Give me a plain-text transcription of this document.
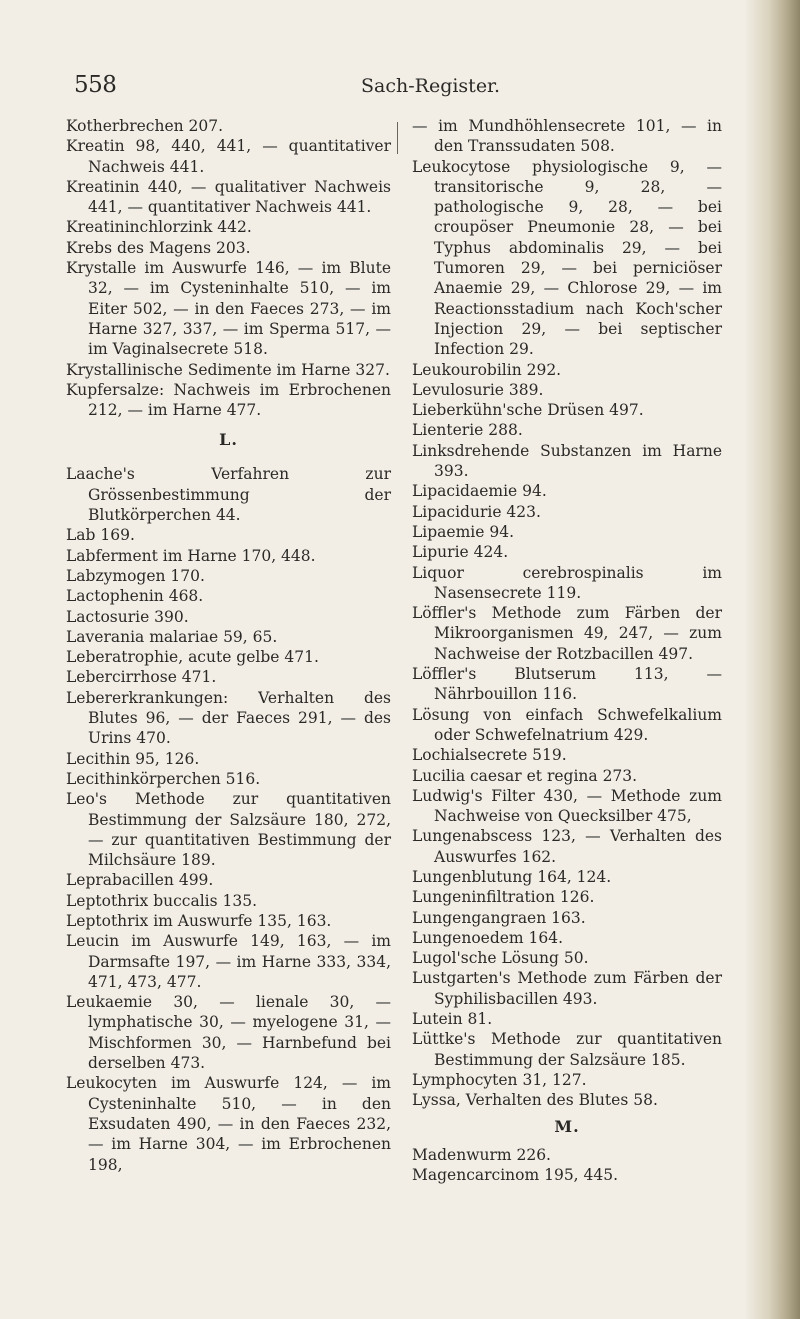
558	Sach-Register.
Kotherbrechen 207.
Kreatin 98, 440, 441, — quantitativer Nachweis 441.
Kreatinin 440, — qualitativer Nachweis 441, — quantitativer Nachweis 441.
Kreatininchlorzink 442.
Krebs des Magens 203.
Krystalle im Auswurfe 146, — im Blute 32, — im Cysteninhalte 510, — im Eiter 502, — in den Faeces 273, — im Harne 327, 337, — im Sperma 517, — im Vaginalsecrete 518.
Krystallinische Sedimente im Harne 327.
Kupfersalze: Nachweis im Erbrochenen 212, — im Harne 477.
L.
Laache's Verfahren zur Grössenbestimmung der Blutkörperchen 44.
Lab 169.
Labferment im Harne 170, 448.
Labzymogen 170.
Lactophenin 468.
Lactosurie 390.
Laverania malariae 59, 65.
Leberatrophie, acute gelbe 471.
Lebercirrhose 471.
Lebererkrankungen: Verhalten des Blutes 96, — der Faeces 291, — des Urins 470.
Lecithin 95, 126.
Lecithinkörperchen 516.
Leo's Methode zur quantitativen Bestimmung der Salzsäure 180, 272, — zur quantitativen Bestimmung der Milchsäure 189.
Leprabacillen 499.
Leptothrix buccalis 135.
Leptothrix im Auswurfe 135, 163.
Leucin im Auswurfe 149, 163, — im Darmsafte 197, — im Harne 333, 334, 471, 473, 477.
Leukaemie 30, — lienale 30, — lymphatische 30, — myelogene 31, — Mischformen 30, — Harnbefund bei derselben 473.
Leukocyten im Auswurfe 124, — im Cysteninhalte 510, — in den Exsudaten 490, — in den Faeces 232, — im Harne 304, — im Erbrochenen 198,
— im Mundhöhlensecrete 101, — in den Transsudaten 508.
Leukocytose physiologische 9, — transitorische 9, 28, — pathologische 9, 28, — bei croupöser Pneumonie 28, — bei Typhus abdominalis 29, — bei Tumoren 29, — bei perniciöser Anaemie 29, — Chlorose 29, — im Reactionsstadium nach Koch'scher Injection 29, — bei septischer Infection 29.
Leukourobilin 292.
Levulosurie 389.
Lieberkühn'sche Drüsen 497.
Lienterie 288.
Linksdrehende Substanzen im Harne 393.
Lipacidaemie 94.
Lipacidurie 423.
Lipaemie 94.
Lipurie 424.
Liquor cerebrospinalis im Nasensecrete 119.
Löffler's Methode zum Färben der Mikroorganismen 49, 247, — zum Nachweise der Rotzbacillen 497.
Löffler's Blutserum 113, — Nährbouillon 116.
Lösung von einfach Schwefelkalium oder Schwefelnatrium 429.
Lochialsecrete 519.
Lucilia caesar et regina 273.
Ludwig's Filter 430, — Methode zum Nachweise von Quecksilber 475,
Lungenabscess 123, — Verhalten des Auswurfes 162.
Lungenblutung 164, 124.
Lungeninfiltration 126.
Lungengangraen 163.
Lungenoedem 164.
Lugol'sche Lösung 50.
Lustgarten's Methode zum Färben der Syphilisbacillen 493.
Lutein 81.
Lüttke's Methode zur quantitativen Bestimmung der Salzsäure 185.
Lymphocyten 31, 127.
Lyssa, Verhalten des Blutes 58.
M.
Madenwurm 226.
Magencarcinom 195, 445.
